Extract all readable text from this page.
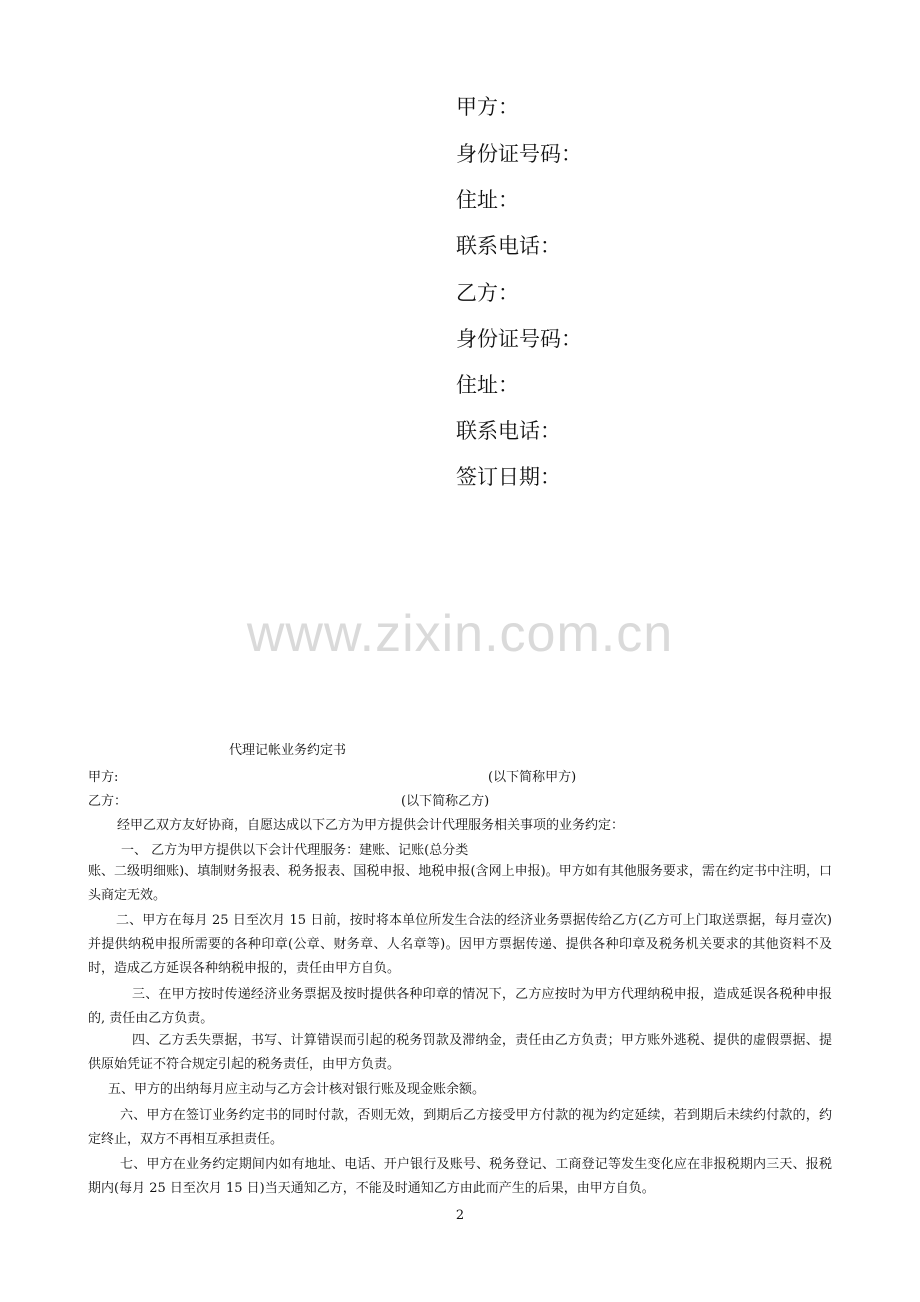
甲方：
身份证号码：
住址：
联系电话：
乙方：
身份证号码：
住址：
联系电话：
签订日期：
www.zixin.com.cn
代理记帐业务约定书
甲方:	(以下简称甲方)
乙方：	(以下简称乙方)
经甲乙双方友好协商，自愿达成以下乙方为甲方提供会计代理服务相关事项的业务约定：
一、 乙方为甲方提供以下会计代理服务：建账、记账(总分类
账、二级明细账)、填制财务报表、税务报表、国税申报、地税申报(含网上申报)。甲方如有其他服务要求，需在约定书中注明，口头商定无效。
二、甲方在每月 25 日至次月 15 日前，按时将本单位所发生合法的经济业务票据传给乙方(乙方可上门取送票据，每月壹次)并提供纳税申报所需要的各种印章(公章、财务章、人名章等)。因甲方票据传递、提供各种印章及税务机关要求的其他资料不及时，造成乙方延误各种纳税申报的，责任由甲方自负。
三、在甲方按时传递经济业务票据及按时提供各种印章的情况下，乙方应按时为甲方代理纳税申报，造成延误各税种申报的, 责任由乙方负责。
四、乙方丢失票据，书写、计算错误而引起的税务罚款及滞纳金，责任由乙方负责；甲方账外逃税、提供的虚假票据、提供原始凭证不符合规定引起的税务责任，由甲方负责。
五、甲方的出纳每月应主动与乙方会计核对银行账及现金账余额。
六、甲方在签订业务约定书的同时付款，否则无效，到期后乙方接受甲方付款的视为约定延续，若到期后未续约付款的，约定终止，双方不再相互承担责任。
七、甲方在业务约定期间内如有地址、电话、开户银行及账号、税务登记、工商登记等发生变化应在非报税期内三天、报税期内(每月 25 日至次月 15 日)当天通知乙方，不能及时通知乙方由此而产生的后果，由甲方自负。
2
